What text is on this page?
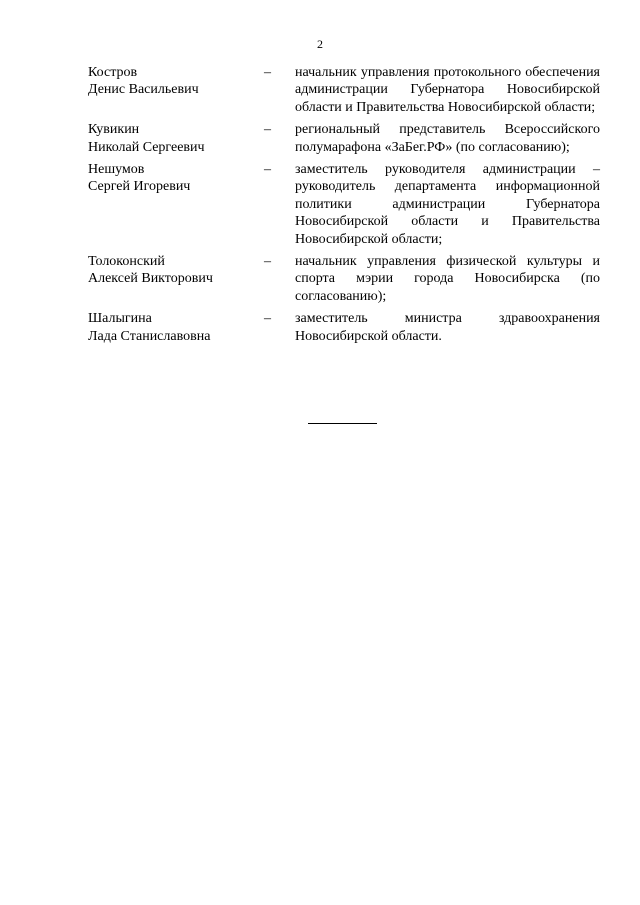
2
Костров
Денис Васильевич
–	начальник управления протокольного обеспечения администрации Губернатора Новосибирской области и Правительства Новосибирской области;
Кувикин
Николай Сергеевич
–	региональный представитель Всероссийского полумарафона «ЗаБег.РФ» (по согласованию);
Нешумов
Сергей Игоревич
–	заместитель руководителя администрации – руководитель департамента информационной политики администрации Губернатора Новосибирской области и Правительства Новосибирской области;
Толоконский
Алексей Викторович
–	начальник управления физической культуры и спорта мэрии города Новосибирска (по согласованию);
Шалыгина
Лада Станиславовна
–	заместитель министра здравоохранения Новосибирской области.
